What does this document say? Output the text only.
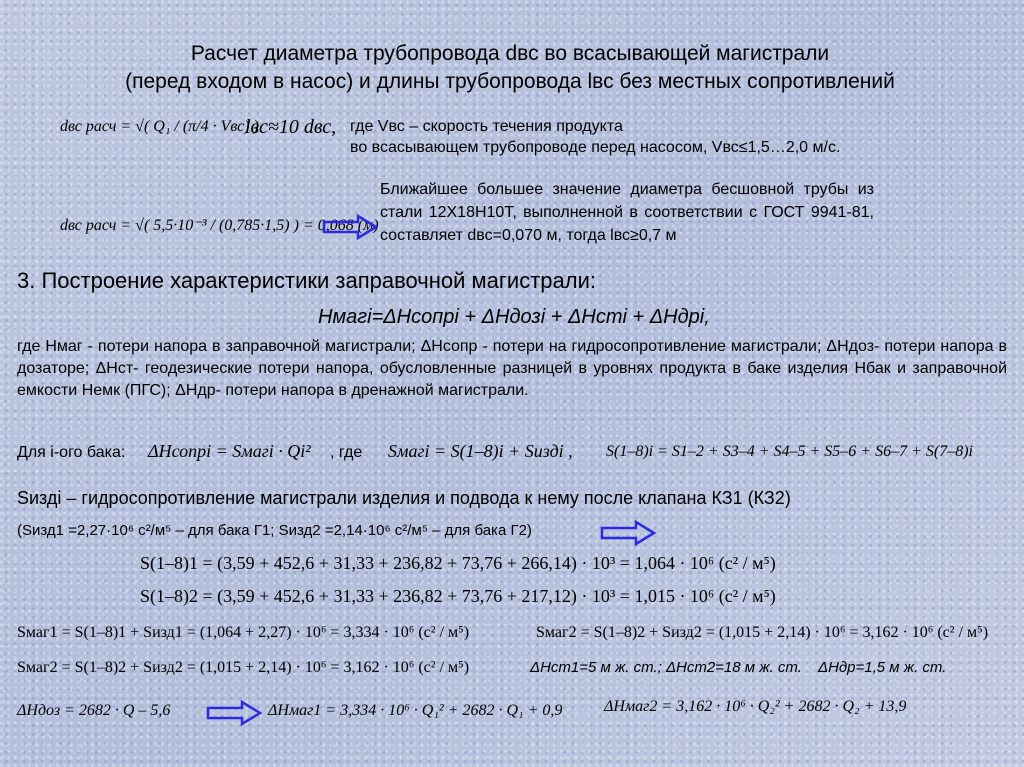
Расчет диаметра трубопровода dвс во всасывающей магистрали
(перед входом в насос) и длины трубопровода lвс без местных сопротивлений
dвс расч = √( Q₁ / (π/4 · Vвс) )
lвс≈10 dвс, где Vвс – скорость течения продукта
во всасывающем трубопроводе перед насосом, Vвс≤1,5…2,0 м/с.
dвс расч = √( 5,5·10⁻³ / (0,785·1,5) ) = 0,068 (м)
Ближайшее большее значение диаметра бесшовной трубы из стали 12Х18Н10Т, выполненной в соответствии с ГОСТ 9941-81, составляет dвс=0,070 м, тогда lвс≥0,7 м
3. Построение характеристики заправочной магистрали:
Hмагi=ΔHсопрi + ΔHдозi + ΔHстi + ΔHдрi,
где Hмаг - потери напора в заправочной магистрали; ΔHсопр - потери на гидросопротивление магистрали; ΔHдоз- потери напора в дозаторе; ΔHст- геодезические потери напора, обусловленные разницей в уровнях продукта в баке изделия Hбак и заправочной емкости Hемк (ПГС); ΔHдр- потери напора в дренажной магистрали.
Для i-ого бака: ΔHсопрi = Sмагi · Qi² , где Sмагi = S(1–8)i + Sиздi , S(1–8)i = S1–2 + S3–4 + S4–5 + S5–6 + S6–7 + S(7–8)i
Sиздi – гидросопротивление магистрали изделия и подвода к нему после клапана КЗ1 (КЗ2)
(Sизд1 =2,27·10⁶ с²/м⁵ – для бака Г1; Sизд2 =2,14·10⁶ с²/м⁵ – для бака Г2)
S(1–8)1 = (3,59 + 452,6 + 31,33 + 236,82 + 73,76 + 266,14) · 10³ = 1,064 · 10⁶ (с² / м⁵)
S(1–8)2 = (3,59 + 452,6 + 31,33 + 236,82 + 73,76 + 217,12) · 10³ = 1,015 · 10⁶ (с² / м⁵)
Sмаг1 = S(1–8)1 + Sизд1 = (1,064 + 2,27) · 10⁶ = 3,334 · 10⁶ (с² / м⁵)	Sмаг2 = S(1–8)2 + Sизд2 = (1,015 + 2,14) · 10⁶ = 3,162 · 10⁶ (с² / м⁵)
Sмаг2 = S(1–8)2 + Sизд2 = (1,015 + 2,14) · 10⁶ = 3,162 · 10⁶ (с² / м⁵)	ΔHст1=5 м ж. ст.; ΔHст2=18 м ж. ст. ΔHдр=1,5 м ж. ст.
ΔHдоз = 2682 · Q – 5,6	ΔHмаг1 = 3,334 · 10⁶ · Q₁² + 2682 · Q₁ + 0,9	ΔHмаг2 = 3,162 · 10⁶ · Q₂² + 2682 · Q₂ + 13,9
